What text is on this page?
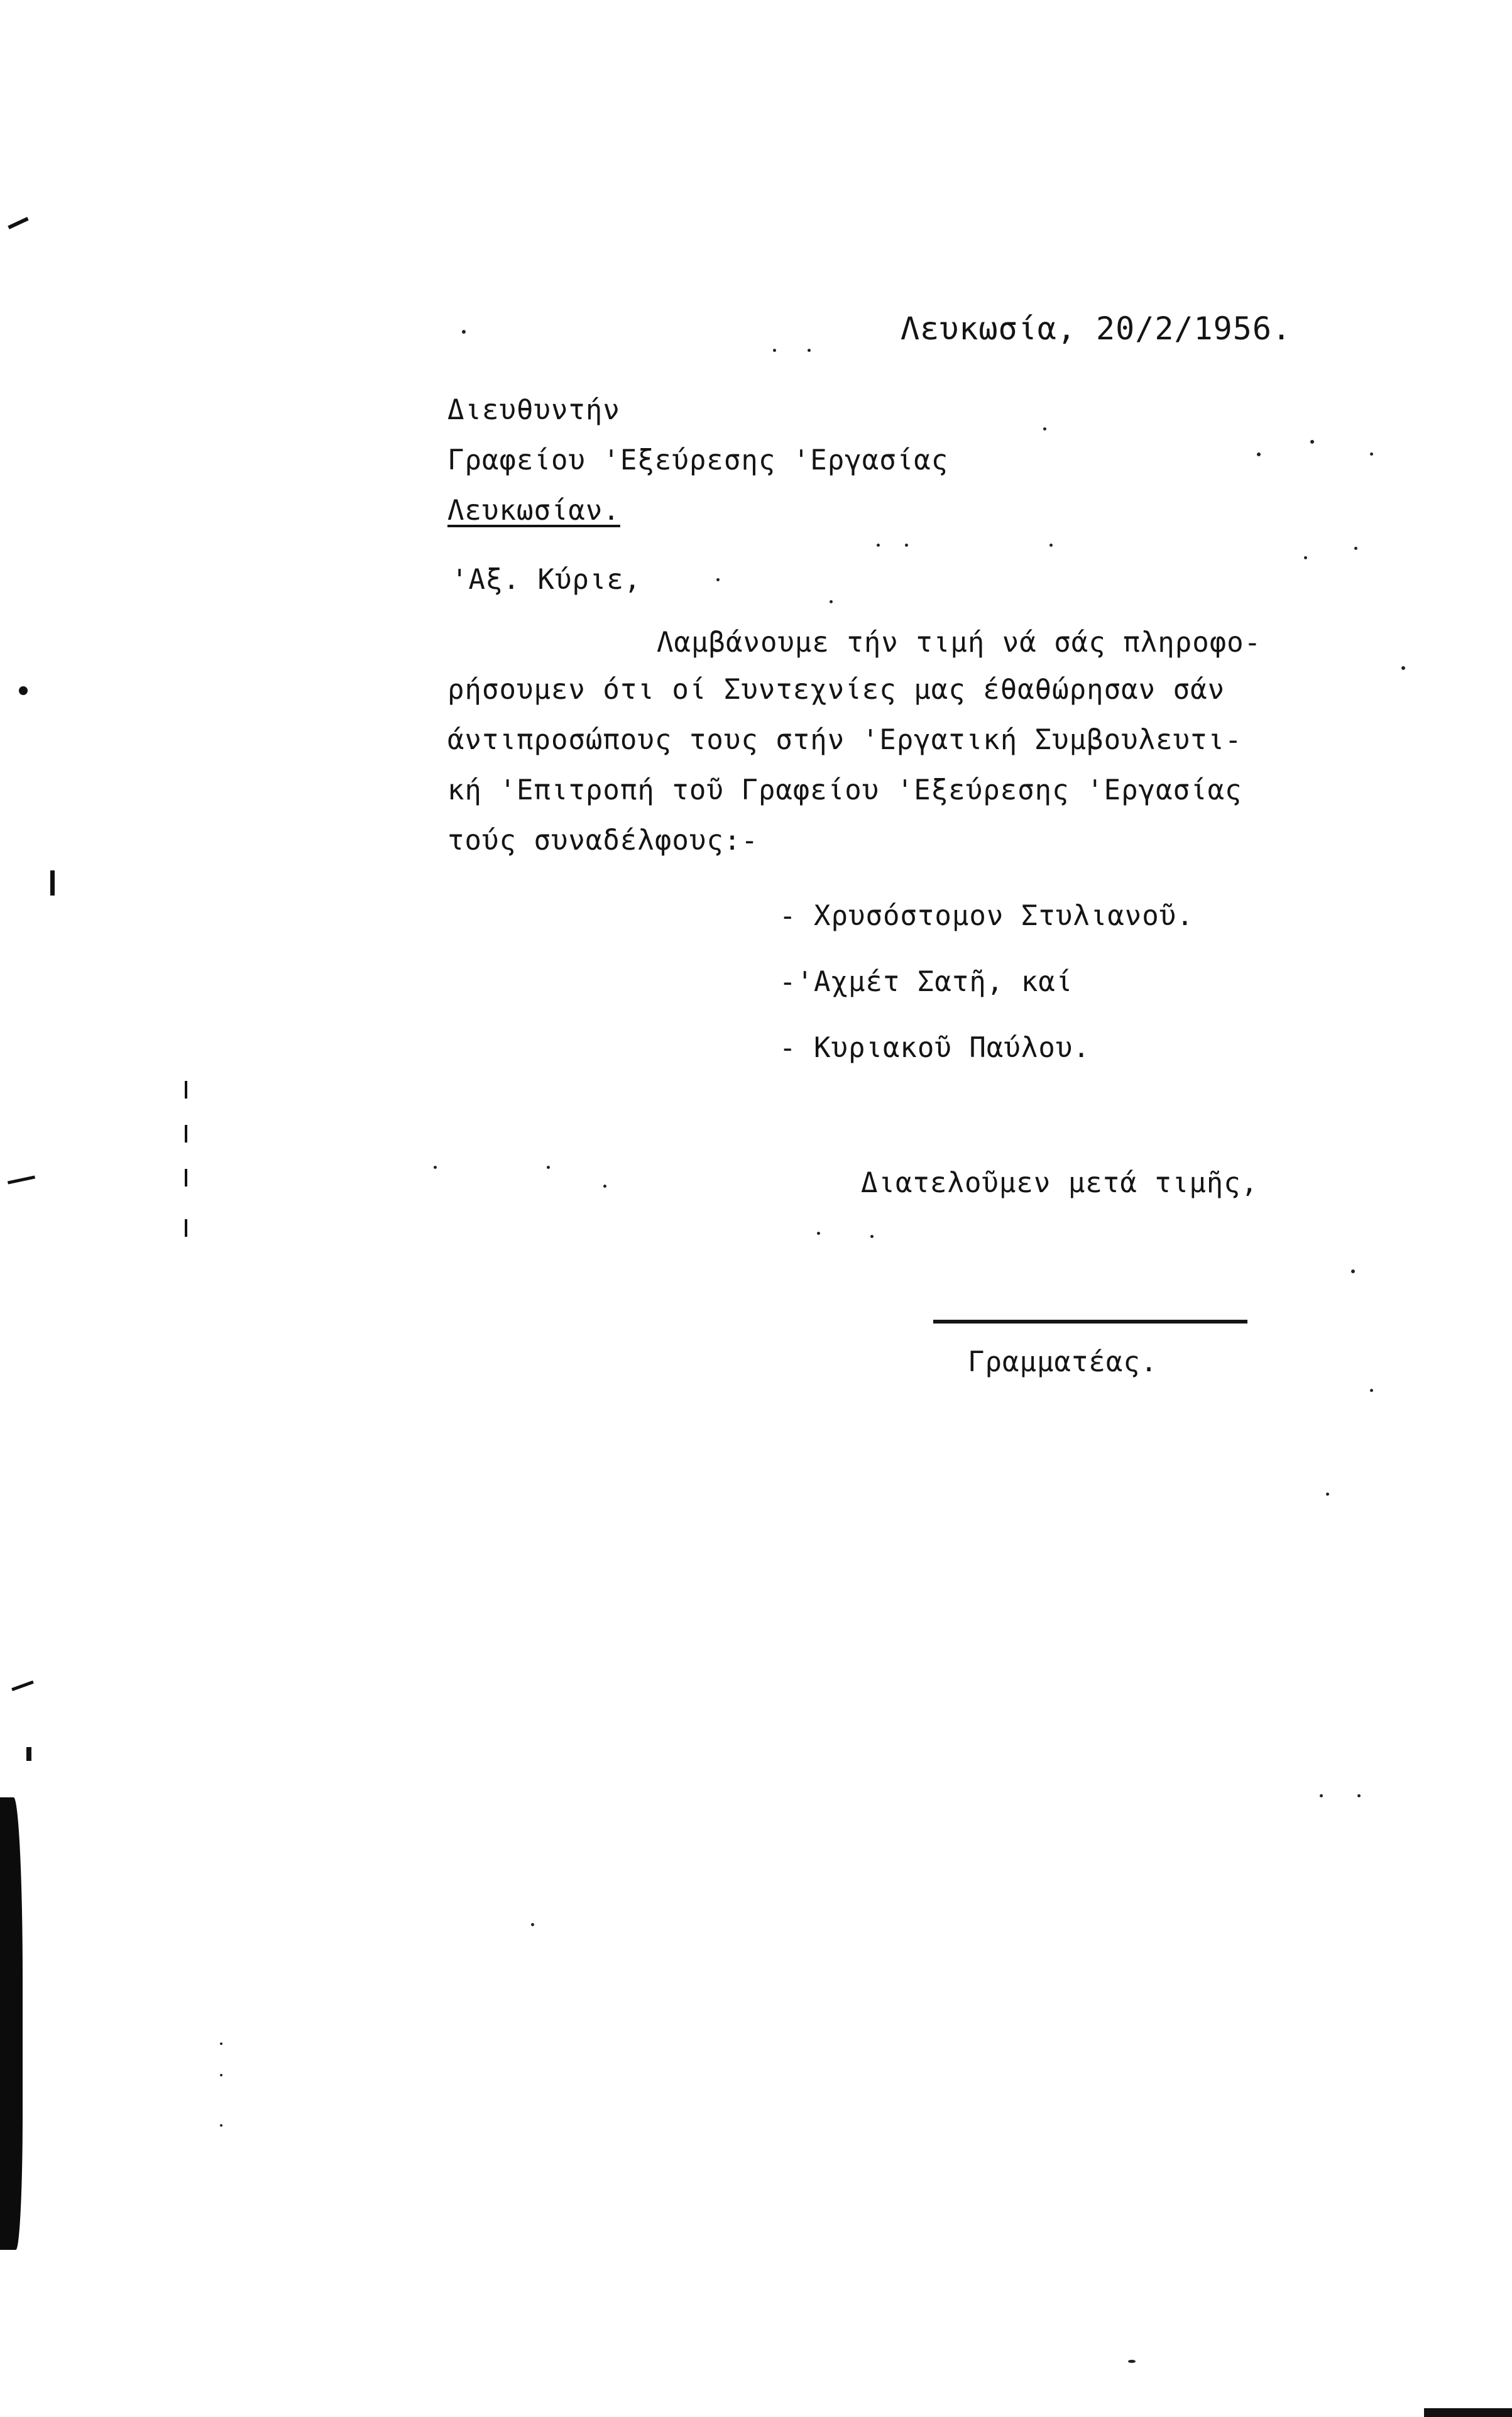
Λευκωσία, 20/2/1956.
Διευθυντήν
Γραφείου 'Εξεύρεσης 'Εργασίας
Λευκωσίαν.
'Αξ. Κύριε,
Λαμβάνουμε τήν τιμή νά σάς πληροφο-
ρήσουμεν ότι οί Συντεχνίες μας έθαθώρησαν σάν
άντιπροσώπους τους στήν 'Εργατική Συμβουλευτι-
κή 'Επιτροπή τοῦ Γραφείου 'Εξεύρεσης 'Εργασίας
τούς συναδέλφους:-
- Χρυσόστομον Στυλιανοῦ.
-'Αχμέτ Σατῆ, καί
- Κυριακοῦ Παύλου.
Διατελοῦμεν μετά τιμῆς,
Γραμματέας.
